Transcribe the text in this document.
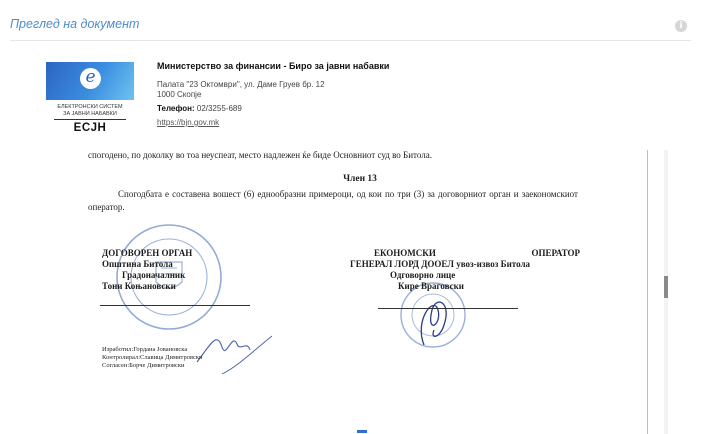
Преглед на документ	i
e
ЕЛЕКТРОНСКИ СИСТЕМ
ЗА ЈАВНИ НАБАВКИ
ЕСЈН
Министерство за финансии - Биро за јавни набавки
Палата "23 Октомври", ул. Даме Груев бр. 12
1000 Скопје
Телефон: 02/3255-689
https://bjn.gov.mk
спогодено, по доколку во тоа неуспеат, место надлежен ќе биде Основниот суд во Битола.
Член 13
Спогодбата е составена вошест (6) еднообразни примероци, од кои по три (3) за договорниот орган и заекономскиот оператор.
ДОГОВОРЕН ОРГАН
Општина Битола
Градоначалник
Тони Коњановски
ЕКОНОМСКИ	ОПЕРАТОР
ГЕНЕРАЛ ЛОРД ДООЕЛ увоз-извоз Битола
Одговорно лице
Кире Враговски
Изработил:Гордана Јовановска
Контролирал:Славица Димитровски
Согласен:Борче Димитровски
